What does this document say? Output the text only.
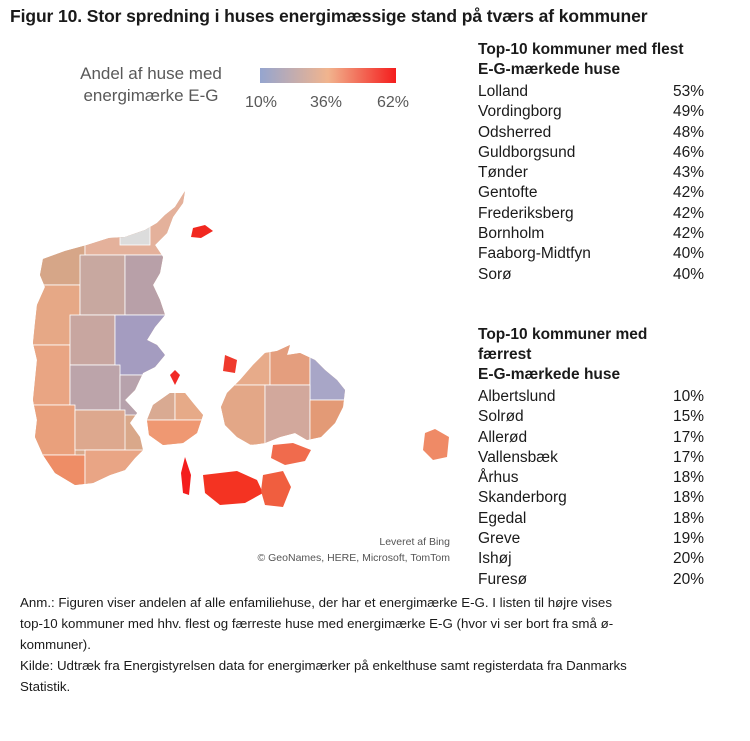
Figur 10. Stor spredning i huses energimæssige stand på tværs af kommuner
Andel af huse med energimærke E-G	10% 36% 62%
Leveret af Bing
© GeoNames, HERE, Microsoft, TomTom
Top-10 kommuner med flest
E-G-mærkede huse
Lolland	53%
Vordingborg	49%
Odsherred	48%
Guldborgsund	46%
Tønder	43%
Gentofte	42%
Frederiksberg	42%
Bornholm	42%
Faaborg-Midtfyn	40%
Sorø	40%
Top-10 kommuner med færrest
E-G-mærkede huse
Albertslund	10%
Solrød	15%
Allerød	17%
Vallensbæk	17%
Århus	18%
Skanderborg	18%
Egedal	18%
Greve	19%
Ishøj	20%
Furesø	20%
Anm.: Figuren viser andelen af alle enfamiliehuse, der har et energimærke E-G. I listen til højre vises
top-10 kommuner med hhv. flest og færreste huse med energimærke E-G (hvor vi ser bort fra små ø-
kommuner).
Kilde: Udtræk fra Energistyrelsen data for energimærker på enkelthuse samt registerdata fra Danmarks
Statistik.
